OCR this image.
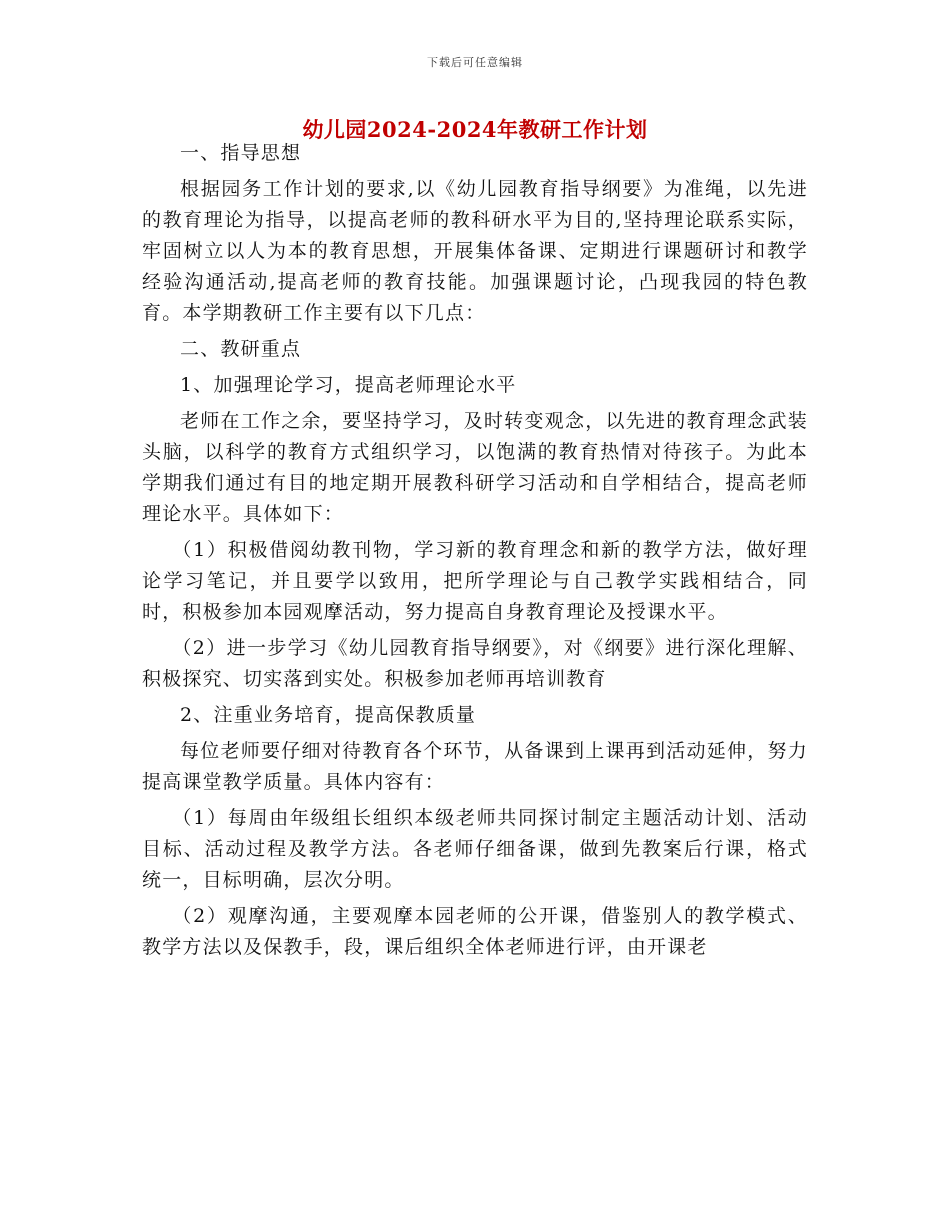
下载后可任意编辑
幼儿园2024-2024年教研工作计划

一、指导思想

根据园务工作计划的要求,以《幼儿园教育指导纲要》为准绳，以先进的教育理论为指导，以提高老师的教科研水平为目的,坚持理论联系实际，牢固树立以人为本的教育思想，开展集体备课、定期进行课题研讨和教学经验沟通活动,提高老师的教育技能。加强课题讨论，凸现我园的特色教育。本学期教研工作主要有以下几点：

二、教研重点

1、加强理论学习，提高老师理论水平

老师在工作之余，要坚持学习，及时转变观念，以先进的教育理念武装头脑，以科学的教育方式组织学习，以饱满的教育热情对待孩子。为此本学期我们通过有目的地定期开展教科研学习活动和自学相结合，提高老师理论水平。具体如下：

（1）积极借阅幼教刊物，学习新的教育理念和新的教学方法，做好理论学习笔记，并且要学以致用，把所学理论与自己教学实践相结合，同时，积极参加本园观摩活动，努力提高自身教育理论及授课水平。

（2）进一步学习《幼儿园教育指导纲要》，对《纲要》进行深化理解、积极探究、切实落到实处。积极参加老师再培训教育

2、注重业务培育，提高保教质量

每位老师要仔细对待教育各个环节，从备课到上课再到活动延伸，努力提高课堂教学质量。具体内容有：

（1）每周由年级组长组织本级老师共同探讨制定主题活动计划、活动目标、活动过程及教学方法。各老师仔细备课，做到先教案后行课，格式统一，目标明确，层次分明。

（2）观摩沟通，主要观摩本园老师的公开课，借鉴别人的教学模式、教学方法以及保教手，段，课后组织全体老师进行评，由开课老
